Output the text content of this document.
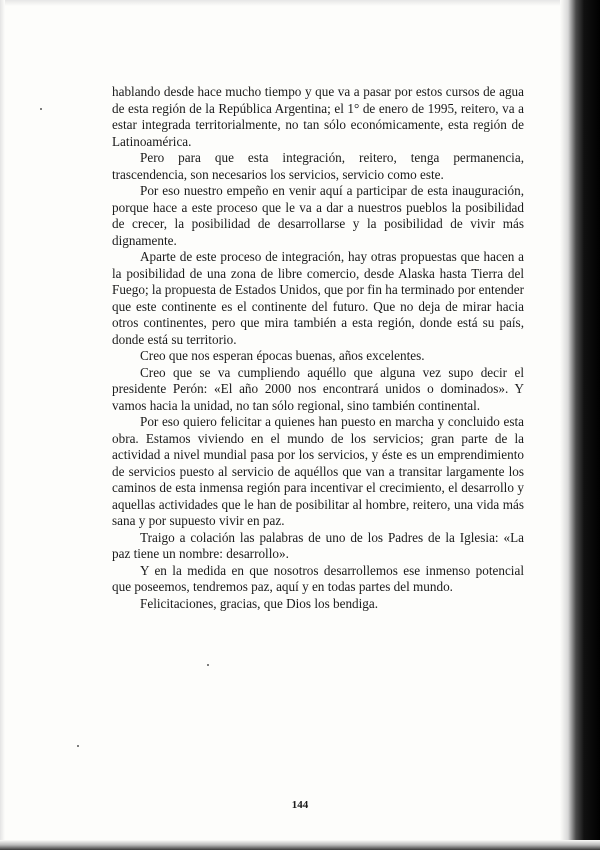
hablando desde hace mucho tiempo y que va a pasar por estos cursos de agua de esta región de la República Argentina; el 1° de enero de 1995, reitero, va a estar integrada territorialmente, no tan sólo económicamente, esta región de Latinoamérica.

Pero para que esta integración, reitero, tenga permanencia, trascendencia, son necesarios los servicios, servicio como este.

Por eso nuestro empeño en venir aquí a participar de esta inauguración, porque hace a este proceso que le va a dar a nuestros pueblos la posibilidad de crecer, la posibilidad de desarrollarse y la posibilidad de vivir más dignamente.

Aparte de este proceso de integración, hay otras propuestas que hacen a la posibilidad de una zona de libre comercio, desde Alaska hasta Tierra del Fuego; la propuesta de Estados Unidos, que por fin ha terminado por entender que este continente es el continente del futuro. Que no deja de mirar hacia otros continentes, pero que mira también a esta región, donde está su país, donde está su territorio.

Creo que nos esperan épocas buenas, años excelentes.

Creo que se va cumpliendo aquéllo que alguna vez supo decir el presidente Perón: «El año 2000 nos encontrará unidos o dominados». Y vamos hacia la unidad, no tan sólo regional, sino también continental.

Por eso quiero felicitar a quienes han puesto en marcha y concluido esta obra. Estamos viviendo en el mundo de los servicios; gran parte de la actividad a nivel mundial pasa por los servicios, y éste es un emprendimiento de servicios puesto al servicio de aquéllos que van a transitar largamente los caminos de esta inmensa región para incentivar el crecimiento, el desarrollo y aquellas actividades que le han de posibilitar al hombre, reitero, una vida más sana y por supuesto vivir en paz.

Traigo a colación las palabras de uno de los Padres de la Iglesia: «La paz tiene un nombre: desarrollo».

Y en la medida en que nosotros desarrollemos ese inmenso potencial que poseemos, tendremos paz, aquí y en todas partes del mundo.

Felicitaciones, gracias, que Dios los bendiga.

144
